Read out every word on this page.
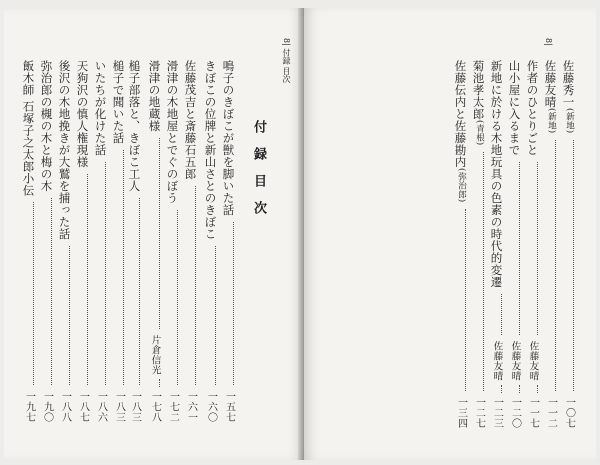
8| 付録 目次
付録目次
鳴子のきぼこが獣を脚いた話
一五七
きぼこの位牌と新山さとのきぼこ
一六〇
佐藤茂吉と斎藤石五郎
一六一
滑津の木地屋とでぐのぼう
一七二
滑津の地蔵様
片倉信光
一七八
槌子部落と、きぼこ工人
一八三
槌子で聞いた話
一八三
いたちが化けた話
一八六
天狗沢の慎人権現様
一八七
後沢の木地挽きが大鷲を捕った話
一八八
弥治郎の槻の木と梅の木
一九〇
飯木師 石塚子之太郎小伝
一九七
8|
佐藤秀一
(新地)
一〇七
佐藤友晴
(新地)
一一二
作者のひとりごと
佐藤友晴
一一七
山小屋に入るまで
佐藤友晴
一二〇
新地に於ける木地玩具の色素の時代的変遷
佐藤友晴
一二三
菊池孝太郎
(青根)
一二七
佐藤伝内と佐藤勘内
(弥治郎)
一三四
